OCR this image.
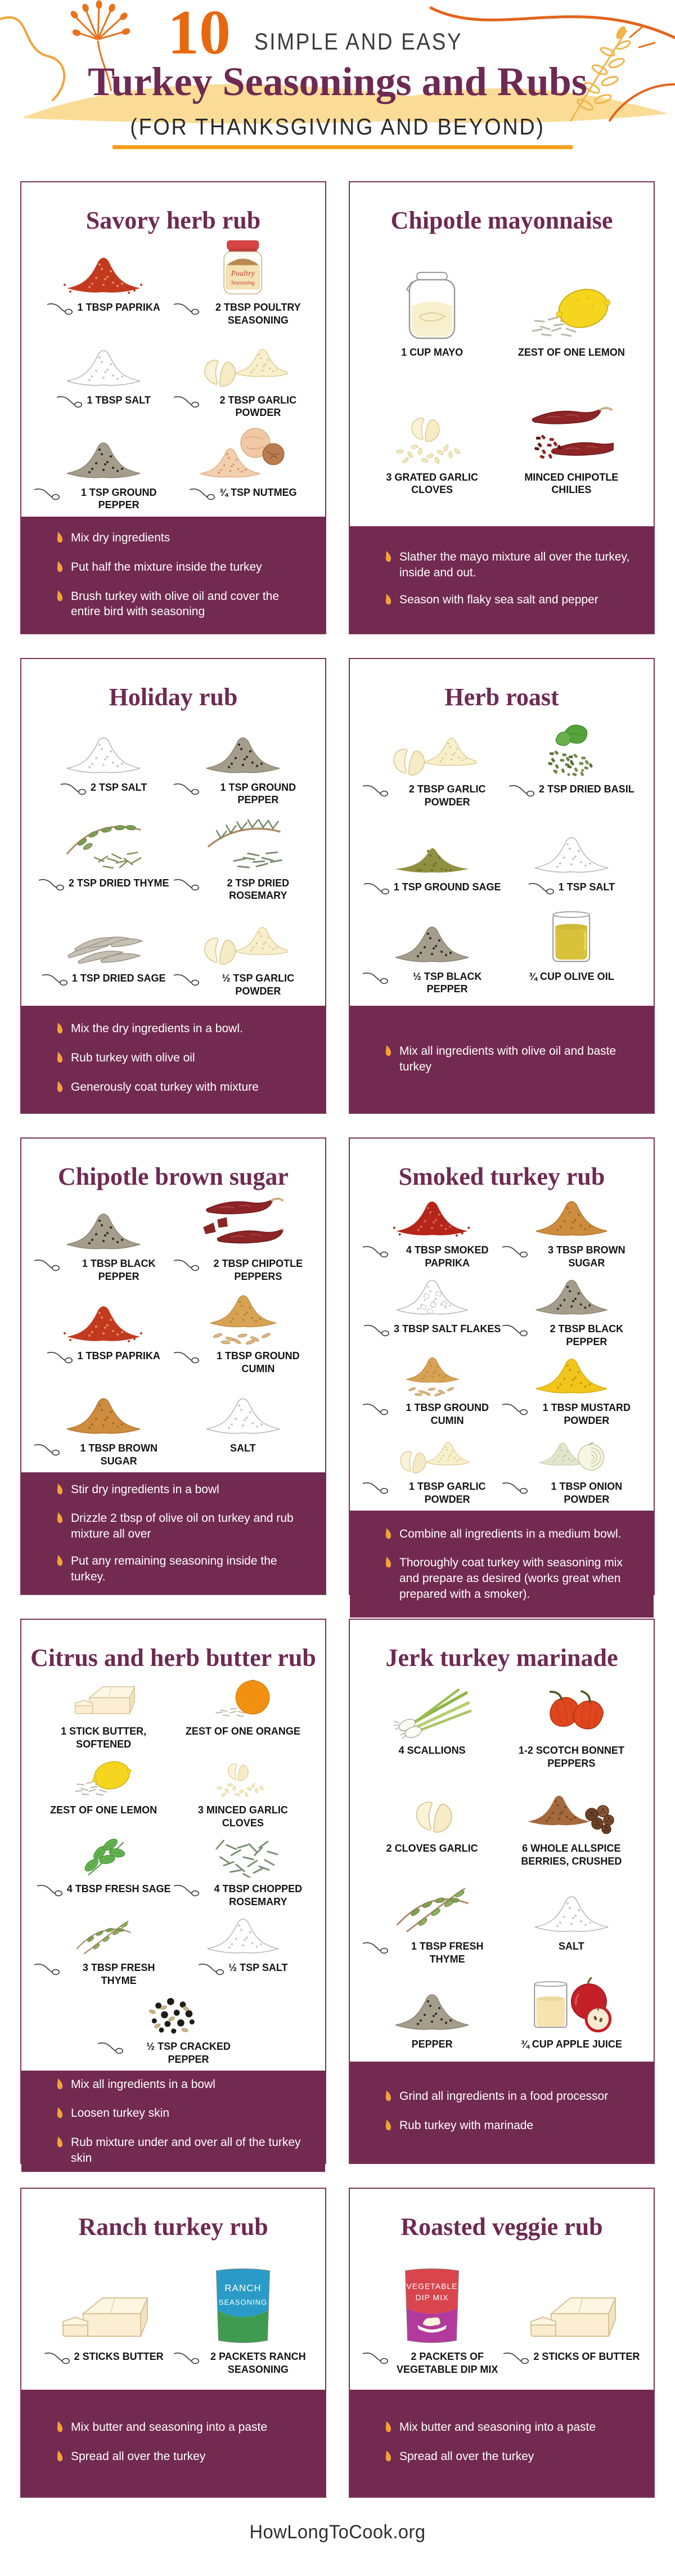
10 SIMPLE AND EASY
Turkey Seasonings and Rubs
(FOR THANKSGIVING AND BEYOND)
Savory herb rub
1 TBSP PAPRIKA
Poultry
Seasoning
2 TBSP POULTRY SEASONING
1 TBSP SALT	2 TBSP GARLIC POWDER
1 TSP GROUND PEPPER
¾ TSP NUTMEG
Mix dry ingredients
Put half the mixture inside the turkey
Brush turkey with olive oil and cover the entire bird with seasoning
Chipotle mayonnaise
1 CUP MAYO	ZEST OF ONE LEMON
3 GRATED GARLIC CLOVES
MINCED CHIPOTLE CHILIES
Slather the mayo mixture all over the turkey, inside and out.
Season with flaky sea salt and pepper
Holiday rub
2 TSP SALT	1 TSP GROUND PEPPER
2 TSP DRIED THYME	2 TSP DRIED ROSEMARY
1 TSP DRIED SAGE	½ TSP GARLIC POWDER
Mix the dry ingredients in a bowl.
Rub turkey with olive oil
Generously coat turkey with mixture
Herb roast
2 TBSP GARLIC POWDER
2 TSP DRIED BASIL
1 TSP GROUND SAGE	1 TSP SALT
½ TSP BLACK PEPPER
¾ CUP OLIVE OIL
Mix all ingredients with olive oil and baste turkey
Chipotle brown sugar
1 TBSP BLACK PEPPER
2 TBSP CHIPOTLE PEPPERS
1 TBSP PAPRIKA	1 TBSP GROUND CUMIN
1 TBSP BROWN SUGAR
SALT
Stir dry ingredients in a bowl
Drizzle 2 tbsp of olive oil on turkey and rub mixture all over
Put any remaining seasoning inside the turkey.
Smoked turkey rub
4 TBSP SMOKED PAPRIKA
3 TBSP BROWN SUGAR
3 TBSP SALT FLAKES	2 TBSP BLACK PEPPER
1 TBSP GROUND CUMIN
1 TBSP MUSTARD POWDER
1 TBSP GARLIC POWDER
1 TBSP ONION POWDER
Combine all ingredients in a medium bowl.
Thoroughly coat turkey with seasoning mix and prepare as desired (works great when prepared with a smoker).
Citrus and herb butter rub
1 STICK BUTTER, SOFTENED
ZEST OF ONE ORANGE
ZEST OF ONE LEMON	3 MINCED GARLIC CLOVES
4 TBSP FRESH SAGE	4 TBSP CHOPPED ROSEMARY
3 TBSP FRESH THYME
½ TSP SALT
½ TSP CRACKED PEPPER
Mix all ingredients in a bowl
Loosen turkey skin
Rub mixture under and over all of the turkey skin
Jerk turkey marinade
4 SCALLIONS	1-2 SCOTCH BONNET PEPPERS
2 CLOVES GARLIC	6 WHOLE ALLSPICE BERRIES, CRUSHED
1 TBSP FRESH THYME
SALT
PEPPER	¾ CUP APPLE JUICE
Grind all ingredients in a food processor
Rub turkey with marinade
Ranch turkey rub
2 STICKS BUTTER
RANCH
SEASONING
2 PACKETS RANCH SEASONING
Mix butter and seasoning into a paste
Spread all over the turkey
Roasted veggie rub
VEGETABLE
DIP MIX
2 PACKETS OF VEGETABLE DIP MIX
2 STICKS OF BUTTER
Mix butter and seasoning into a paste
Spread all over the turkey
HowLongToCook.org
